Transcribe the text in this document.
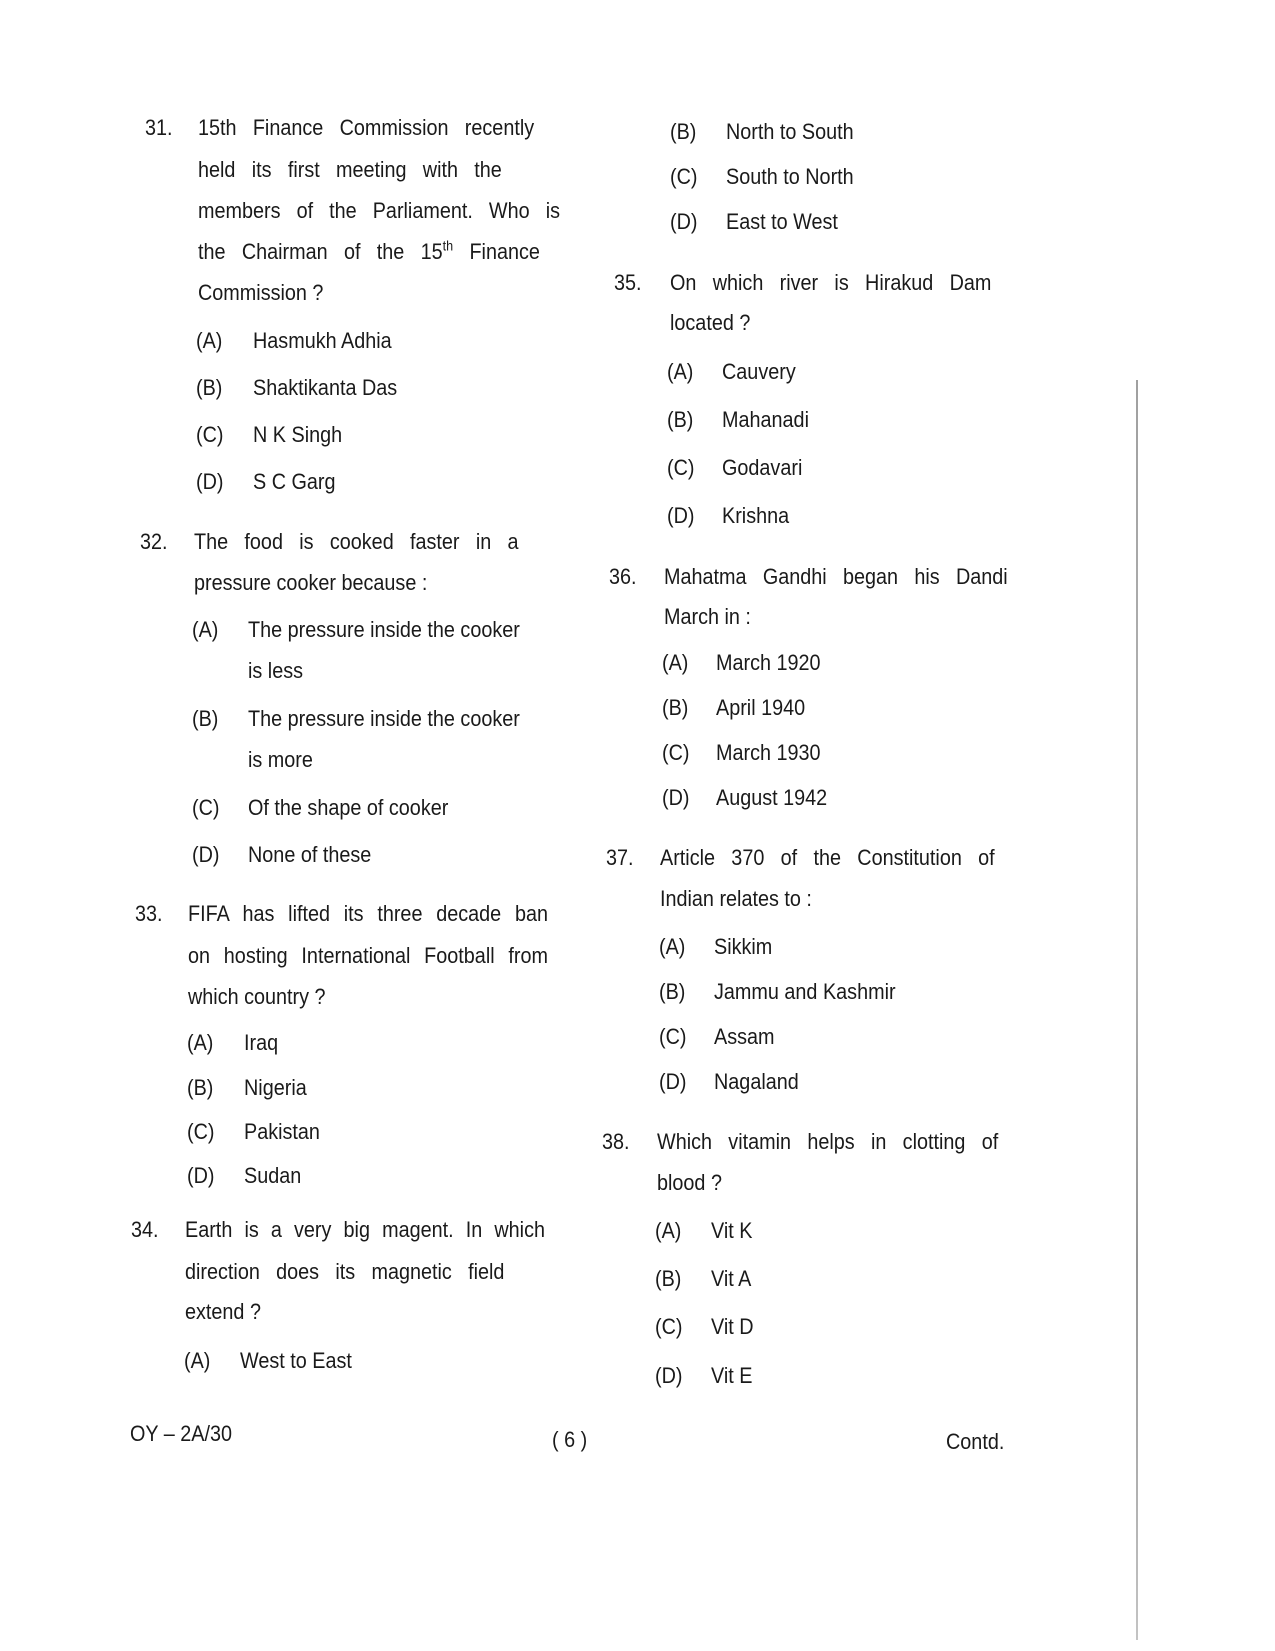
31. 15th Finance Commission recently
held its first meeting with the
members of the Parliament. Who is
the Chairman of the 15th Finance
Commission ?
(A) Hasmukh Adhia
(B) Shaktikanta Das
(C) N K Singh
(D) S C Garg
32. The food is cooked faster in a
pressure cooker because :
(A) The pressure inside the cooker
is less
(B) The pressure inside the cooker
is more
(C) Of the shape of cooker
(D) None of these
33. FIFA has lifted its three decade ban
on hosting International Football from
which country ?
(A) Iraq
(B) Nigeria
(C) Pakistan
(D) Sudan
34. Earth is a very big magent. In which
direction does its magnetic field
extend ?
(A) West to East
(B) North to South
(C) South to North
(D) East to West
35. On which river is Hirakud Dam
located ?
(A) Cauvery
(B) Mahanadi
(C) Godavari
(D) Krishna
36. Mahatma Gandhi began his Dandi
March in :
(A) March 1920
(B) April 1940
(C) March 1930
(D) August 1942
37. Article 370 of the Constitution of
Indian relates to :
(A) Sikkim
(B) Jammu and Kashmir
(C) Assam
(D) Nagaland
38. Which vitamin helps in clotting of
blood ?
(A) Vit K
(B) Vit A
(C) Vit D
(D) Vit E
OY – 2A/30	( 6 )	Contd.
